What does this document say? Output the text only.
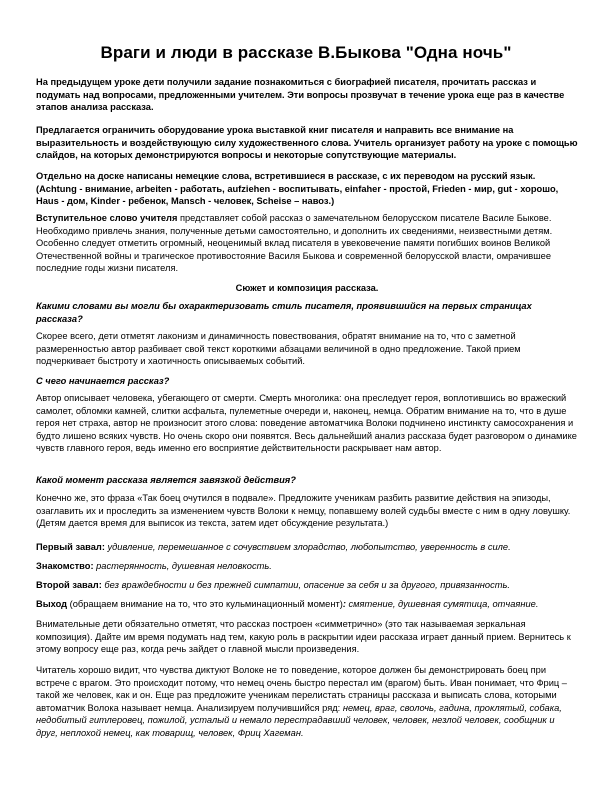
Враги и люди в рассказе В.Быкова "Одна ночь"
На предыдущем уроке дети получили задание познакомиться с биографией писателя, прочитать рассказ и подумать над вопросами, предложенными учителем. Эти вопросы прозвучат в течение урока еще раз в качестве этапов анализа рассказа.
Предлагается ограничить оборудование урока выставкой книг писателя и направить все внимание на выразительность и воздействующую силу художественного слова. Учитель организует работу на уроке с помощью слайдов, на которых демонстрируются вопросы и некоторые сопутствующие материалы.
Отдельно на доске написаны немецкие слова, встретившиеся в рассказе, с их переводом на русский язык. (Achtung - внимание, arbeiten - работать, aufziehen - воспитывать, einfaher - простой, Frieden - мир, gut - хорошо, Haus - дом, Kinder - ребенок, Mansch - человек, Scheise – навоз.)
Вступительное слово учителя представляет собой рассказ о замечательном белорусском писателе Василе Быкове. Необходимо привлечь знания, полученные детьми самостоятельно, и дополнить их сведениями, неизвестными детям. Особенно следует отметить огромный, неоценимый вклад писателя в увековечение памяти погибших воинов Великой Отечественной войны и трагическое противостояние Василя Быкова и современной белорусской власти, омрачившее последние годы жизни писателя.
Сюжет и композиция рассказа.
Какими словами вы могли бы охарактеризовать стиль писателя, проявившийся на первых страницах рассказа?
Скорее всего, дети отметят лаконизм и динамичность повествования, обратят внимание на то, что с заметной размеренностью автор разбивает свой текст короткими абзацами величиной в одно предложение. Такой прием подчеркивает быстроту и хаотичность описываемых событий.
С чего начинается рассказ?
Автор описывает человека, убегающего от смерти. Смерть многолика: она преследует героя, воплотившись во вражеский самолет, обломки камней, слитки асфальта, пулеметные очереди и, наконец, немца. Обратим внимание на то, что в душе героя нет страха, автор не произносит этого слова: поведение автоматчика Волоки подчинено инстинкту самосохранения и будто лишено всяких чувств. Но очень скоро они появятся. Весь дальнейший анализ рассказа будет разговором о динамике чувств главного героя, ведь именно его восприятие действительности раскрывает нам автор.
Какой момент рассказа является завязкой действия?
Конечно же, это фраза «Так боец очутился в подвале». Предложите ученикам разбить развитие действия на эпизоды, озаглавить их и проследить за изменением чувств Волоки к немцу, попавшему волей судьбы вместе с ним в одну ловушку. (Детям дается время для выписок из текста, затем идет обсуждение результата.)
Первый завал: удивление, перемешанное с сочувствием злорадство, любопытство, уверенность в силе.
Знакомство: растерянность, душевная неловкость.
Второй завал: без враждебности и без прежней симпатии, опасение за себя и за другого, привязанность.
Выход (обращаем внимание на то, что это кульминационный момент): смятение, душевная сумятица, отчаяние.
Внимательные дети обязательно отметят, что рассказ построен «симметрично» (это так называемая зеркальная композиция). Дайте им время подумать над тем, какую роль в раскрытии идеи рассказа играет данный прием. Вернитесь к этому вопросу еще раз, когда речь зайдет о главной мысли произведения.
Читатель хорошо видит, что чувства диктуют Волоке не то поведение, которое должен бы демонстрировать боец при встрече с врагом. Это происходит потому, что немец очень быстро перестал им (врагом) быть. Иван понимает, что Фриц – такой же человек, как и он. Еще раз предложите ученикам перелистать страницы рассказа и выписать слова, которыми автоматчик Волока называет немца. Анализируем получившийся ряд: немец, враг, сволочь, гадина, проклятый, собака, недобитый гитлеровец, пожилой, усталый и немало перестрадавший человек, человек, незлой человек, сообщник и друг, неплохой немец, как товарищ, человек, Фриц Хагеман.
